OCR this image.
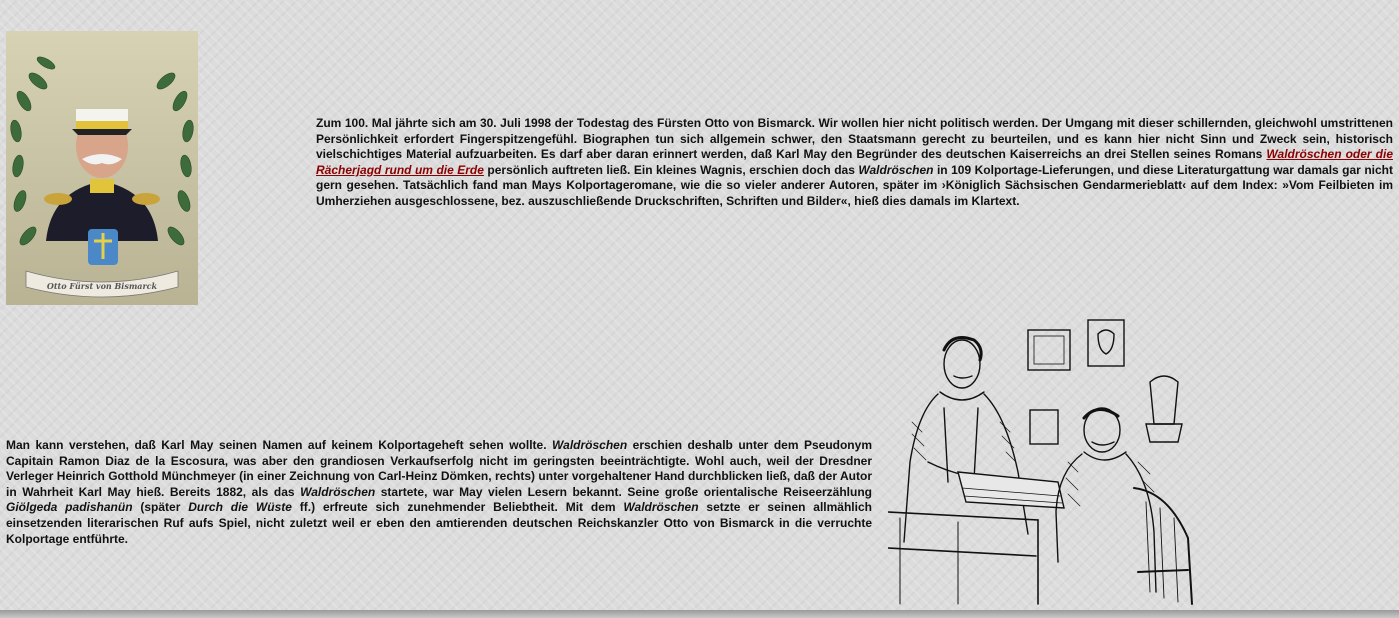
Otto Fürst von Bismarck

Zum 100. Mal jährte sich am 30. Juli 1998 der Todestag des Fürsten Otto von Bismarck. Wir wollen hier nicht politisch werden. Der Umgang mit dieser schillernden, gleichwohl umstrittenen Persönlichkeit erfordert Fingerspitzengefühl. Biographen tun sich allgemein schwer, den Staatsmann gerecht zu beurteilen, und es kann hier nicht Sinn und Zweck sein, historisch vielschichtiges Material aufzuarbeiten. Es darf aber daran erinnert werden, daß Karl May den Begründer des deutschen Kaiserreichs an drei Stellen seines Romans Waldröschen oder die Rächerjagd rund um die Erde persönlich auftreten ließ. Ein kleines Wagnis, erschien doch das Waldröschen in 109 Kolportage-Lieferungen, und diese Literaturgattung war damals gar nicht gern gesehen. Tatsächlich fand man Mays Kolportageromane, wie die so vieler anderer Autoren, später im ›Königlich Sächsischen Gendarmerieblatt‹ auf dem Index: »Vom Feilbieten im Umherziehen ausgeschlossene, bez. auszuschließende Druckschriften, Schriften und Bilder«, hieß dies damals im Klartext.

Man kann verstehen, daß Karl May seinen Namen auf keinem Kolportageheft sehen wollte. Waldröschen erschien deshalb unter dem Pseudonym Capitain Ramon Diaz de la Escosura, was aber den grandiosen Verkaufserfolg nicht im geringsten beeinträchtigte. Wohl auch, weil der Dresdner Verleger Heinrich Gotthold Münchmeyer (in einer Zeichnung von Carl-Heinz Dömken, rechts) unter vorgehaltener Hand durchblicken ließ, daß der Autor in Wahrheit Karl May hieß. Bereits 1882, als das Waldröschen startete, war May vielen Lesern bekannt. Seine große orientalische Reiseerzählung Giölgeda padishanün (später Durch die Wüste ff.) erfreute sich zunehmender Beliebtheit. Mit dem Waldröschen setzte er seinen allmählich einsetzenden literarischen Ruf aufs Spiel, nicht zuletzt weil er eben den amtierenden deutschen Reichskanzler Otto von Bismarck in die verruchte Kolportage entführte.
